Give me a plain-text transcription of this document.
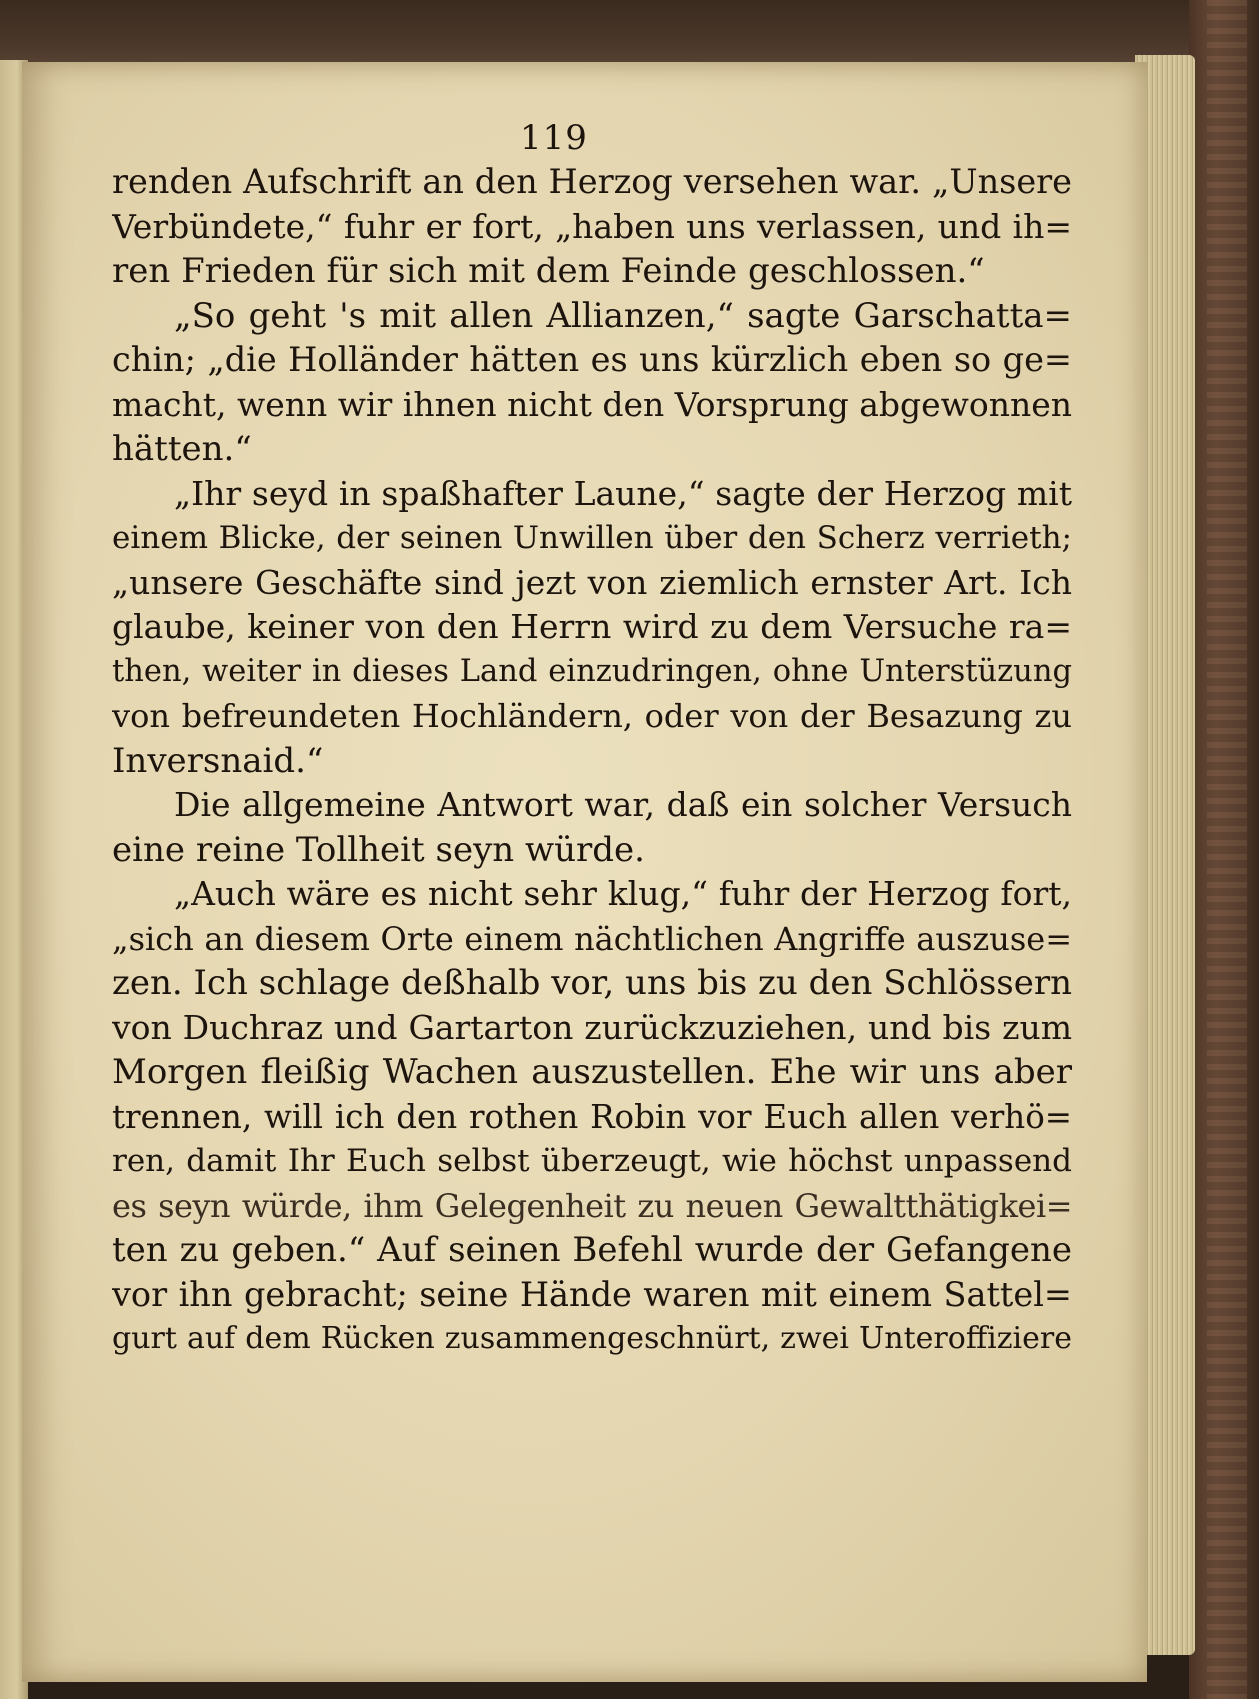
119
renden Aufschrift an den Herzog versehen war. „Unsere
Verbündete,“ fuhr er fort, „haben uns verlassen, und ih=
ren Frieden für sich mit dem Feinde geschlossen.“
„So geht 's mit allen Allianzen,“ sagte Garschatta=
chin; „die Holländer hätten es uns kürzlich eben so ge=
macht, wenn wir ihnen nicht den Vorsprung abgewonnen
hätten.“
„Ihr seyd in spaßhafter Laune,“ sagte der Herzog mit
einem Blicke, der seinen Unwillen über den Scherz verrieth;
„unsere Geschäfte sind jezt von ziemlich ernster Art. Ich
glaube, keiner von den Herrn wird zu dem Versuche ra=
then, weiter in dieses Land einzudringen, ohne Unterstüzung
von befreundeten Hochländern, oder von der Besazung zu
Inversnaid.“
Die allgemeine Antwort war, daß ein solcher Versuch
eine reine Tollheit seyn würde.
„Auch wäre es nicht sehr klug,“ fuhr der Herzog fort,
„sich an diesem Orte einem nächtlichen Angriffe auszuse=
zen. Ich schlage deßhalb vor, uns bis zu den Schlössern
von Duchraz und Gartarton zurückzuziehen, und bis zum
Morgen fleißig Wachen auszustellen. Ehe wir uns aber
trennen, will ich den rothen Robin vor Euch allen verhö=
ren, damit Ihr Euch selbst überzeugt, wie höchst unpassend
es seyn würde, ihm Gelegenheit zu neuen Gewaltthätigkei=
ten zu geben.“ Auf seinen Befehl wurde der Gefangene
vor ihn gebracht; seine Hände waren mit einem Sattel=
gurt auf dem Rücken zusammengeschnürt, zwei Unteroffiziere
